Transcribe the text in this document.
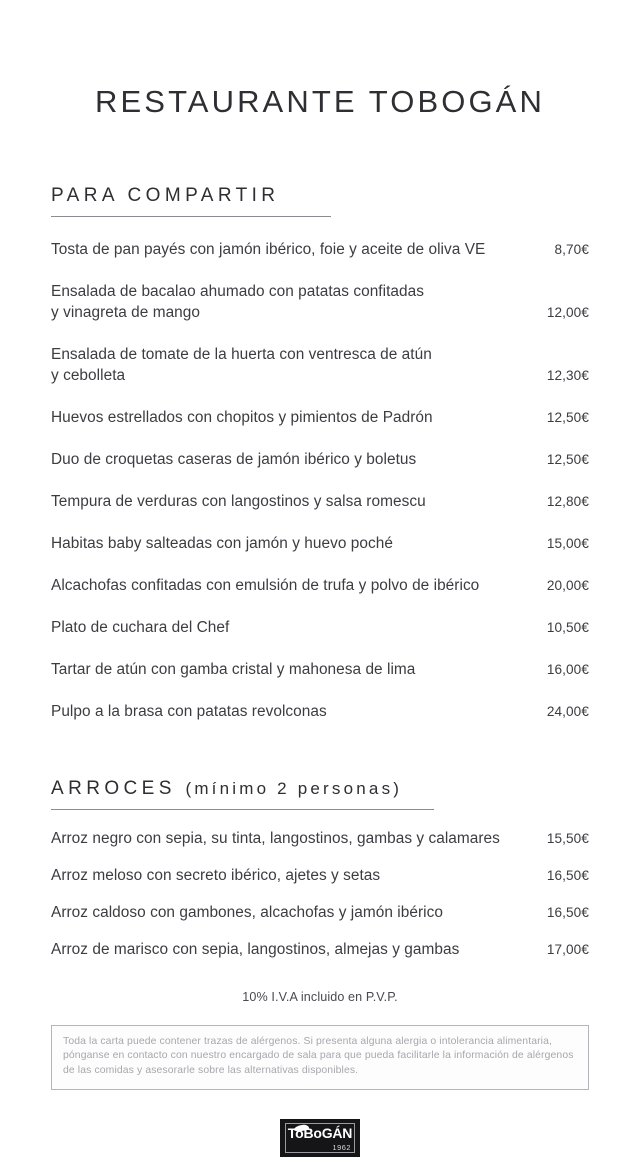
RESTAURANTE TOBOGÁN
PARA COMPARTIR
Tosta de pan payés con jamón ibérico, foie y aceite de oliva VE	8,70€
Ensalada de bacalao ahumado con patatas confitadas
y vinagreta de mango	12,00€
Ensalada de tomate de la huerta con ventresca de atún
y cebolleta	12,30€
Huevos estrellados con chopitos y pimientos de Padrón	12,50€
Duo de croquetas caseras de jamón ibérico y boletus	12,50€
Tempura de verduras con langostinos y salsa romescu	12,80€
Habitas baby salteadas con jamón y huevo poché	15,00€
Alcachofas confitadas con emulsión de trufa y polvo de ibérico	20,00€
Plato de cuchara del Chef	10,50€
Tartar de atún con gamba cristal y mahonesa de lima	16,00€
Pulpo a la brasa con patatas revolconas	24,00€
ARROCES (mínimo 2 personas)
Arroz negro con sepia, su tinta, langostinos, gambas y calamares	15,50€
Arroz meloso con secreto ibérico, ajetes y setas	16,50€
Arroz caldoso con gambones, alcachofas y jamón ibérico	16,50€
Arroz de marisco con sepia, langostinos, almejas y gambas	17,00€

10% I.V.A incluido en P.V.P.

Toda la carta puede contener trazas de alérgenos. Si presenta alguna alergia o intolerancia alimentaria, pónganse en contacto con nuestro encargado de sala para que pueda facilitarle la información de alérgenos de las comidas y asesorarle sobre las alternativas disponibles.

ToBoGÁN
1962
